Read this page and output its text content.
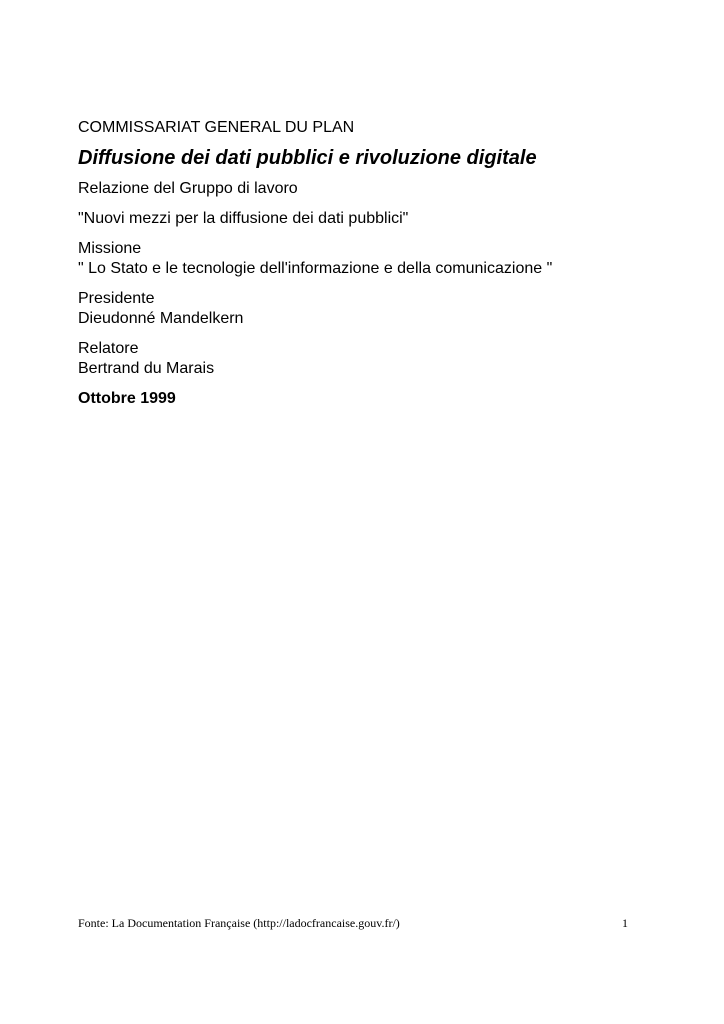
COMMISSARIAT GENERAL DU PLAN

Diffusione dei dati pubblici e rivoluzione digitale

Relazione del Gruppo di lavoro

"Nuovi mezzi per la diffusione dei dati pubblici"

Missione

" Lo Stato e le tecnologie dell'informazione e della comunicazione "

Presidente

Dieudonné Mandelkern

Relatore

Bertrand du Marais

Ottobre 1999

Fonte: La Documentation Française (http://ladocfrancaise.gouv.fr/)	1
